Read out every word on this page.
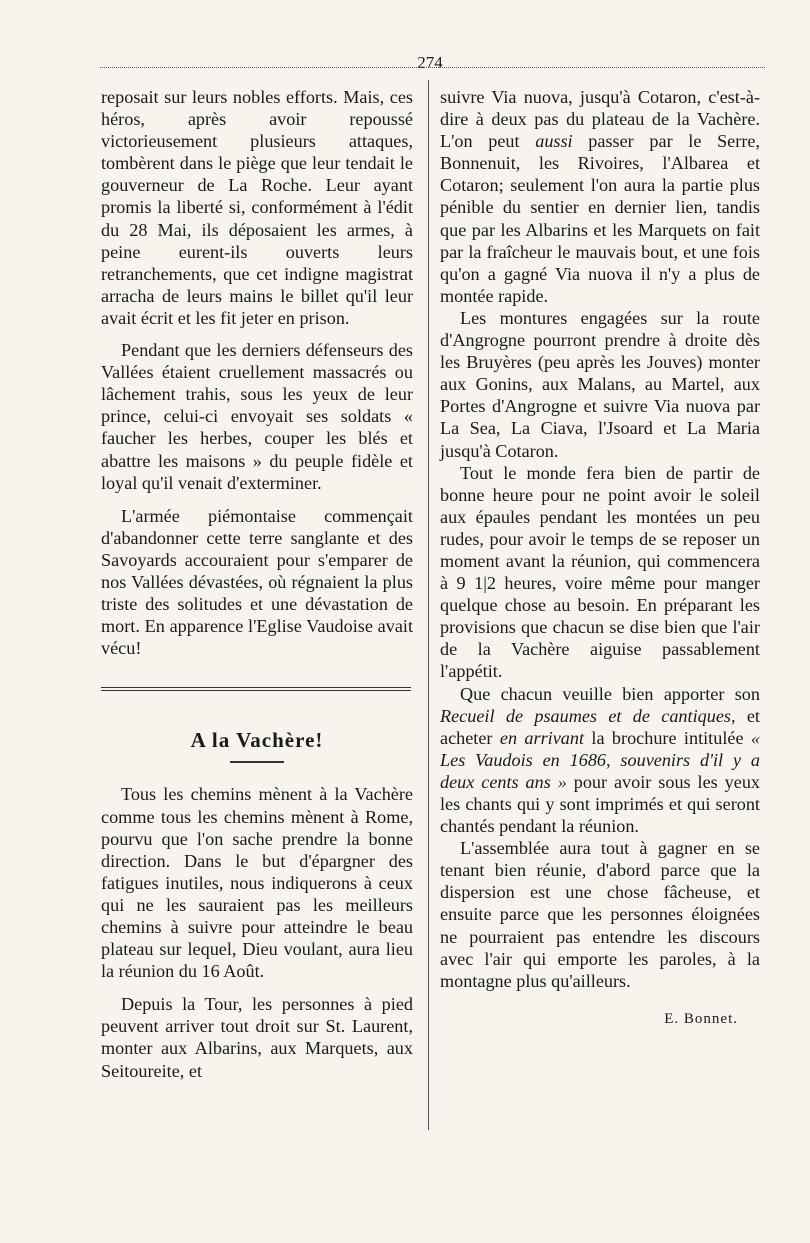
274

reposait sur leurs nobles efforts. Mais, ces héros, après avoir repoussé victorieusement plusieurs attaques, tombèrent dans le piège que leur tendait le gouverneur de La Roche. Leur ayant promis la liberté si, conformément à l'édit du 28 Mai, ils déposaient les armes, à peine eurent-ils ouverts leurs retranchements, que cet indigne magistrat arracha de leurs mains le billet qu'il leur avait écrit et les fit jeter en prison.

Pendant que les derniers défenseurs des Vallées étaient cruellement massacrés ou lâchement trahis, sous les yeux de leur prince, celui-ci envoyait ses soldats « faucher les herbes, couper les blés et abattre les maisons » du peuple fidèle et loyal qu'il venait d'exterminer.

L'armée piémontaise commençait d'abandonner cette terre sanglante et des Savoyards accouraient pour s'emparer de nos Vallées dévastées, où régnaient la plus triste des solitudes et une dévastation de mort. En apparence l'Eglise Vaudoise avait vécu!

A la Vachère!

Tous les chemins mènent à la Vachère comme tous les chemins mènent à Rome, pourvu que l'on sache prendre la bonne direction. Dans le but d'épargner des fatigues inutiles, nous indiquerons à ceux qui ne les sauraient pas les meilleurs chemins à suivre pour atteindre le beau plateau sur lequel, Dieu voulant, aura lieu la réunion du 16 Août.

Depuis la Tour, les personnes à pied peuvent arriver tout droit sur St. Laurent, monter aux Albarins, aux Marquets, aux Seitoureite, et

suivre Via nuova, jusqu'à Cotaron, c'est-à-dire à deux pas du plateau de la Vachère. L'on peut aussi passer par le Serre, Bonnenuit, les Rivoires, l'Albarea et Cotaron; seulement l'on aura la partie plus pénible du sentier en dernier lien, tandis que par les Albarins et les Marquets on fait par la fraîcheur le mauvais bout, et une fois qu'on a gagné Via nuova il n'y a plus de montée rapide.

Les montures engagées sur la route d'Angrogne pourront prendre à droite dès les Bruyères (peu après les Jouves) monter aux Gonins, aux Malans, au Martel, aux Portes d'Angrogne et suivre Via nuova par La Sea, La Ciava, l'Jsoard et La Maria jusqu'à Cotaron.

Tout le monde fera bien de partir de bonne heure pour ne point avoir le soleil aux épaules pendant les montées un peu rudes, pour avoir le temps de se reposer un moment avant la réunion, qui commencera à 9 1|2 heures, voire même pour manger quelque chose au besoin. En préparant les provisions que chacun se dise bien que l'air de la Vachère aiguise passablement l'appétit.

Que chacun veuille bien apporter son Recueil de psaumes et de cantiques, et acheter en arrivant la brochure intitulée « Les Vaudois en 1686, souvenirs d'il y a deux cents ans » pour avoir sous les yeux les chants qui y sont imprimés et qui seront chantés pendant la réunion.

L'assemblée aura tout à gagner en se tenant bien réunie, d'abord parce que la dispersion est une chose fâcheuse, et ensuite parce que les personnes éloignées ne pourraient pas entendre les discours avec l'air qui emporte les paroles, à la montagne plus qu'ailleurs.

E. Bonnet.
